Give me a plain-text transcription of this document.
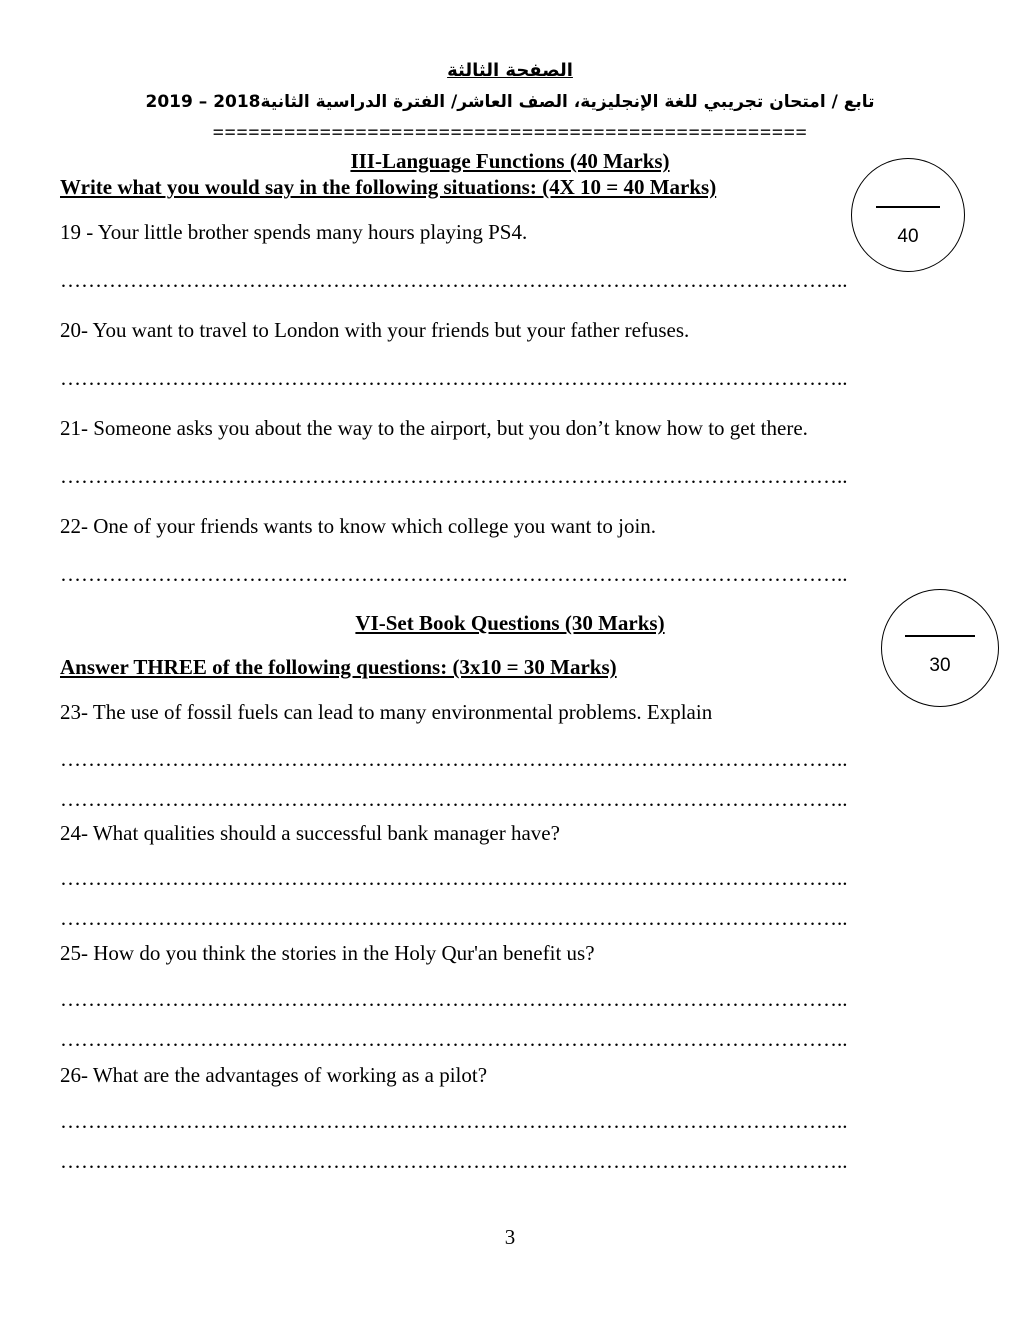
الصفحة الثالثة
تابع / امتحان تجريبي للغة الإنجليزية، الصف العاشر/ الفترة الدراسية الثانية2018 – 2019
==================================================
III-Language Functions (40 Marks)
Write what you would say in the following situations: (4X 10 = 40 Marks)
40
19 - Your little brother spends many hours playing PS4.
…………………………………………………………………………………………………..
20- You want to travel to London with your friends but your father refuses.
…………………………………………………………………………………………………..
21- Someone asks you about the way to the airport, but you don’t know how to get there.
…………………………………………………………………………………………………..
22- One of your friends wants to know which college you want to join.
…………………………………………………………………………………………………..
VI-Set Book Questions (30 Marks)
Answer THREE of the following questions: (3x10 = 30 Marks)	30
23- The use of fossil fuels can lead to many environmental problems. Explain
…………………………………………………………………………………………………..
…………………………………………………………………………………………………..
24- What qualities should a successful bank manager have?
…………………………………………………………………………………………………..
…………………………………………………………………………………………………..
25- How do you think the stories in the Holy Qur'an benefit us?
…………………………………………………………………………………………………..
…………………………………………………………………………………………………..
26- What are the advantages of working as a pilot?
…………………………………………………………………………………………………..
…………………………………………………………………………………………………..
3
